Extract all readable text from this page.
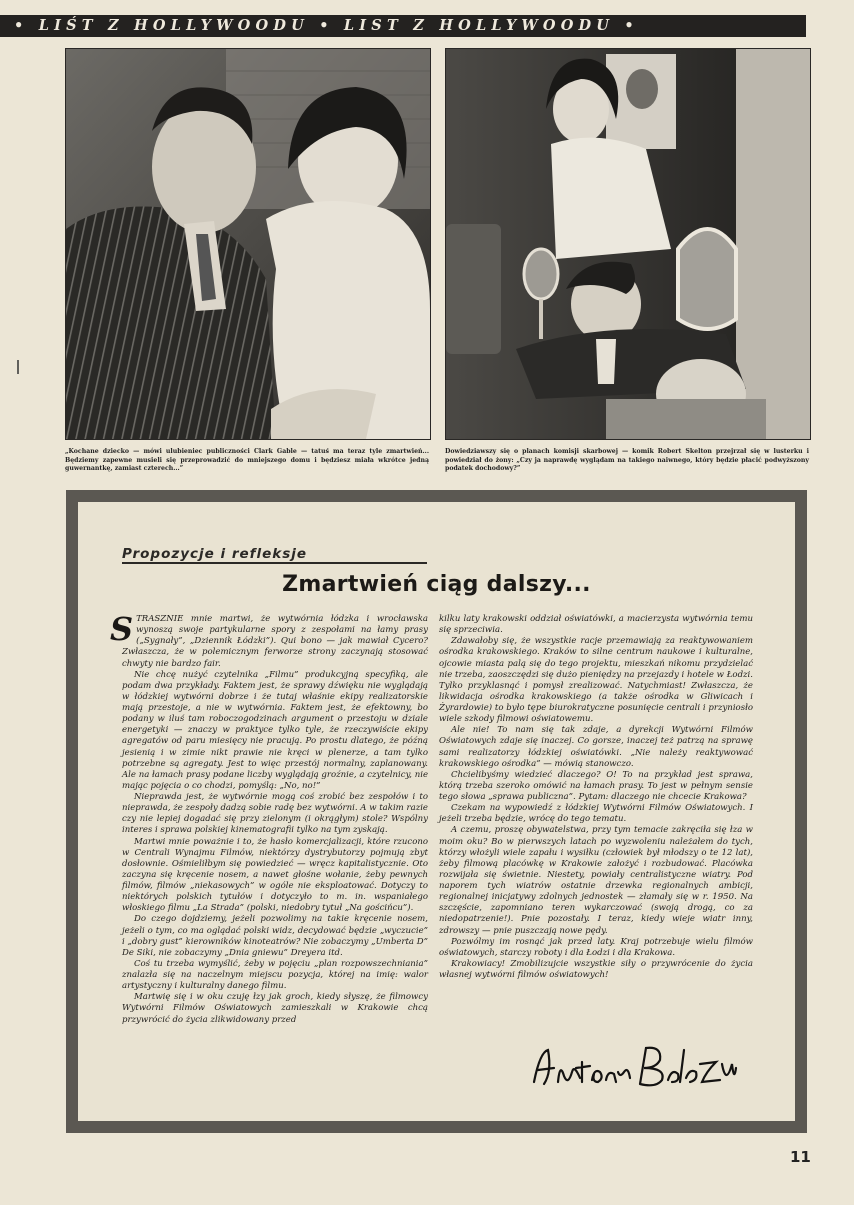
• LIŚT Z HOLLYWOODU • LIST Z HOLLYWOODU •
„Kochane dziecko — mówi ulubieniec publiczności Clark Gable — tatuś ma teraz tyle zmartwień... Będziemy zapewne musieli się przeprowadzić do mniejszego domu i będziesz miała wkrótce jedną guwernantkę, zamiast czterech...”
Dowiedziawszy się o planach komisji skarbowej — komik Robert Skelton przejrzał się w lusterku i powiedział do żony: „Czy ja naprawdę wyglądam na takiego naiwnego, który będzie płacić podwyższony podatek dochodowy?”
Propozycje i refleksje
Zmartwień ciąg dalszy...

STRASZNIE mnie martwi, że wytwórnia łódzka i wrocławska wynoszą swoje partykularne spory z zespołami na łamy prasy („Sygnały”, „Dziennik Łódzki”). Qui bono — jak mawiał Cycero? Zwłaszcza, że w polemicznym ferworze strony zaczynają stosować chwyty nie bardzo fair.

Nie chcę nużyć czytelnika „Filmu” produkcyjną specyfiką, ale podam dwa przykłady. Faktem jest, że sprawy dźwięku nie wyglądają w łódzkiej wytwórni dobrze i że tutaj właśnie ekipy realizatorskie mają przestoje, a nie w wytwórnia. Faktem jest, że efektowny, bo podany w iluś tam roboczogodzinach argument o przestoju w dziale energetyki — znaczy w praktyce tylko tyle, że rzeczywiście ekipy agregatów od paru miesięcy nie pracują. Po prostu dlatego, że późną jesienią i w zimie nikt prawie nie kręci w plenerze, a tam tylko potrzebne są agregaty. Jest to więc przestój normalny, zaplanowany. Ale na łamach prasy podane liczby wyglądają groźnie, a czytelnicy, nie mając pojęcia o co chodzi, pomyślą: „No, no!”

Nieprawda jest, że wytwórnie mogą coś zrobić bez zespołów i to nieprawda, że zespoły dadzą sobie radę bez wytwórni. A w takim razie czy nie lepiej dogadać się przy zielonym (i okrągłym) stole? Wspólny interes i sprawa polskiej kinematografii tylko na tym zyskają.

Martwi mnie poważnie i to, że hasło komercjalizacji, które rzucono w Centrali Wynajmu Filmów, niektórzy dystrybutorzy pojmują zbyt dosłownie. Ośmieliłbym się powiedzieć — wręcz kapitalistycznie. Oto zaczyna się kręcenie nosem, a nawet głośne wołanie, żeby pewnych filmów, filmów „niekasowych” w ogóle nie eksploatować. Dotyczy to niektórych polskich tytułów i dotyczyło to m. in. wspaniałego włoskiego filmu „La Strada” (polski, niedobry tytuł „Na gościńcu”).

Do czego dojdziemy, jeżeli pozwolimy na takie kręcenie nosem, jeżeli o tym, co ma oglądać polski widz, decydować będzie „wyczucie” i „dobry gust” kierowników kinoteatrów? Nie zobaczymy „Umberta D” De Siki, nie zobaczymy „Dnia gniewu” Dreyera itd.

Coś tu trzeba wymyślić, żeby w pojęciu „plan rozpowszechniania” znalazła się na naczelnym miejscu pozycja, której na imię: walor artystyczny i kulturalny danego filmu.

Martwię się i w oku czuję łzy jak groch, kiedy słyszę, że filmowcy Wytwórni Filmów Oświatowych zamieszkali w Krakowie chcą przywrócić do życia zlikwidowany przed

kilku laty krakowski oddział oświatówki, a macierzysta wytwórnia temu się sprzeciwia.

Zdawałoby się, że wszystkie racje przemawiają za reaktywowaniem ośrodka krakowskiego. Kraków to silne centrum naukowe i kulturalne, ojcowie miasta palą się do tego projektu, mieszkań nikomu przydzielać nie trzeba, zaoszczędzi się dużo pieniędzy na przejazdy i hotele w Łodzi. Tylko przyklasnąć i pomysł zrealizować. Natychmiast! Zwłaszcza, że likwidacja ośrodka krakowskiego (a także ośrodka w Gliwicach i Żyrardowie) to było tępe biurokratyczne posunięcie centrali i przyniosło wiele szkody filmowi oświatowemu.

Ale nie! To nam się tak zdaje, a dyrekcji Wytwórni Filmów Oświatowych zdaje się inaczej. Co gorsze, inaczej też patrzą na sprawę sami realizatorzy łódzkiej oświatówki. „Nie należy reaktywować krakowskiego ośrodka” — mówią stanowczo.

Chcielibyśmy wiedzieć dlaczego? O! To na przykład jest sprawa, którą trzeba szeroko omówić na łamach prasy. To jest w pełnym sensie tego słowa „sprawa publiczna”. Pytam: dlaczego nie chcecie Krakowa?

Czekam na wypowiedź z łódzkiej Wytwórni Filmów Oświatowych. I jeżeli trzeba będzie, wrócę do tego tematu.

A czemu, proszę obywatelstwa, przy tym temacie zakręciła się łza w moim oku? Bo w pierwszych latach po wyzwoleniu należałem do tych, którzy włożyli wiele zapału i wysiłku (człowiek był młodszy o te 12 lat), żeby filmową placówkę w Krakowie założyć i rozbudować. Placówka rozwijała się świetnie. Niestety, powiały centralistyczne wiatry. Pod naporem tych wiatrów ostatnie drzewka regionalnych ambicji, regionalnej inicjatywy zdolnych jednostek — złamały się w r. 1950. Na szczęście, zapomniano teren wykarczować (swoją drogą, co za niedopatrzenie!). Pnie pozostały. I teraz, kiedy wieje wiatr inny, zdrowszy — pnie puszczają nowe pędy.

Pozwólmy im rosnąć jak przed laty. Kraj potrzebuje wielu filmów oświatowych, starczy roboty i dla Łodzi i dla Krakowa.

Krakowiacy! Zmobilizujcie wszystkie siły o przywrócenie do życia własnej wytwórni filmów oświatowych!

11
